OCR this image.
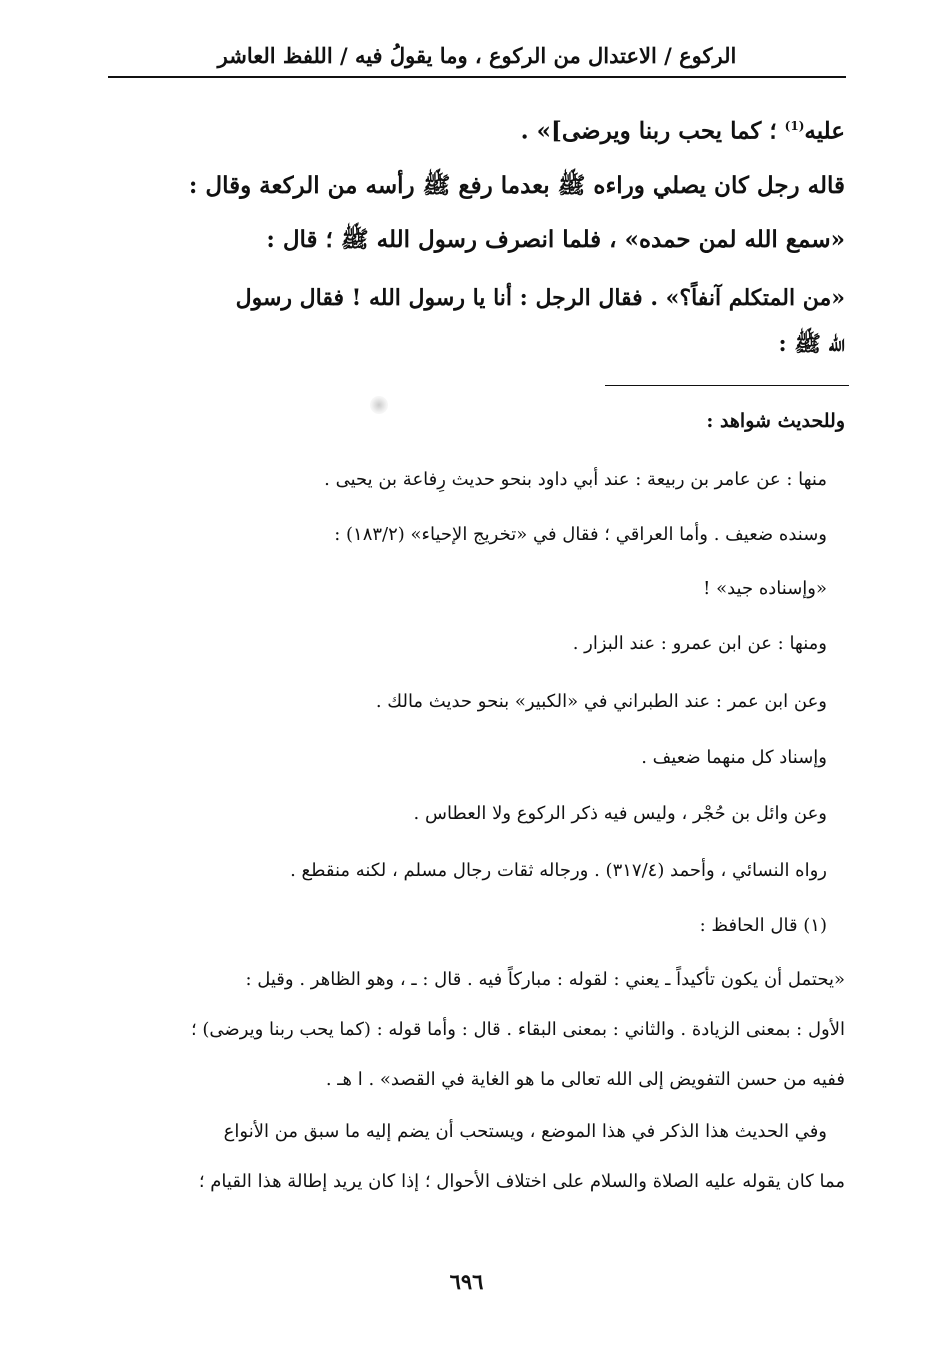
الركوع / الاعتدال من الركوع ، وما يقولُ فيه / اللفظ العاشر
عليه$^{(1)}$ ؛ كما يحب ربنا ويرضى]» .
قاله رجل كان يصلي وراءه ﷺ بعدما رفع ﷺ رأسه من الركعة وقال :
«سمع الله لمن حمده» ، فلما انصرف رسول الله ﷺ ؛ قال :
«من المتكلم آنفاً؟» . فقال الرجل : أنا يا رسول الله ! فقال رسول
الله ﷺ :
وللحديث شواهد :
منها : عن عامر بن ربيعة : عند أبي داود بنحو حديث رِفاعة بن يحيى .
وسنده ضعيف . وأما العراقي ؛ فقال في «تخريج الإحياء» (١٨٣/٢) :
«وإسناده جيد» !
ومنها : عن ابن عمرو : عند البزار .
وعن ابن عمر : عند الطبراني في «الكبير» بنحو حديث مالك .
وإسناد كل منهما ضعيف .
وعن وائل بن حُجْر ، وليس فيه ذكر الركوع ولا العطاس .
رواه النسائي ، وأحمد (٣١٧/٤) . ورجاله ثقات رجال مسلم ، لكنه منقطع .
(١) قال الحافظ :
«يحتمل أن يكون تأكيداً ـ يعني : لقوله : مباركاً فيه . قال : ـ ، وهو الظاهر . وقيل :
الأول : بمعنى الزيادة . والثاني : بمعنى البقاء . قال : وأما قوله : (كما يحب ربنا ويرضى) ؛
ففيه من حسن التفويض إلى الله تعالى ما هو الغاية في القصد» . ا هـ .
وفي الحديث هذا الذكر في هذا الموضع ، ويستحب أن يضم إليه ما سبق من الأنواع
مما كان يقوله عليه الصلاة والسلام على اختلاف الأحوال ؛ إذا كان يريد إطالة هذا القيام ؛
٦٩٦
